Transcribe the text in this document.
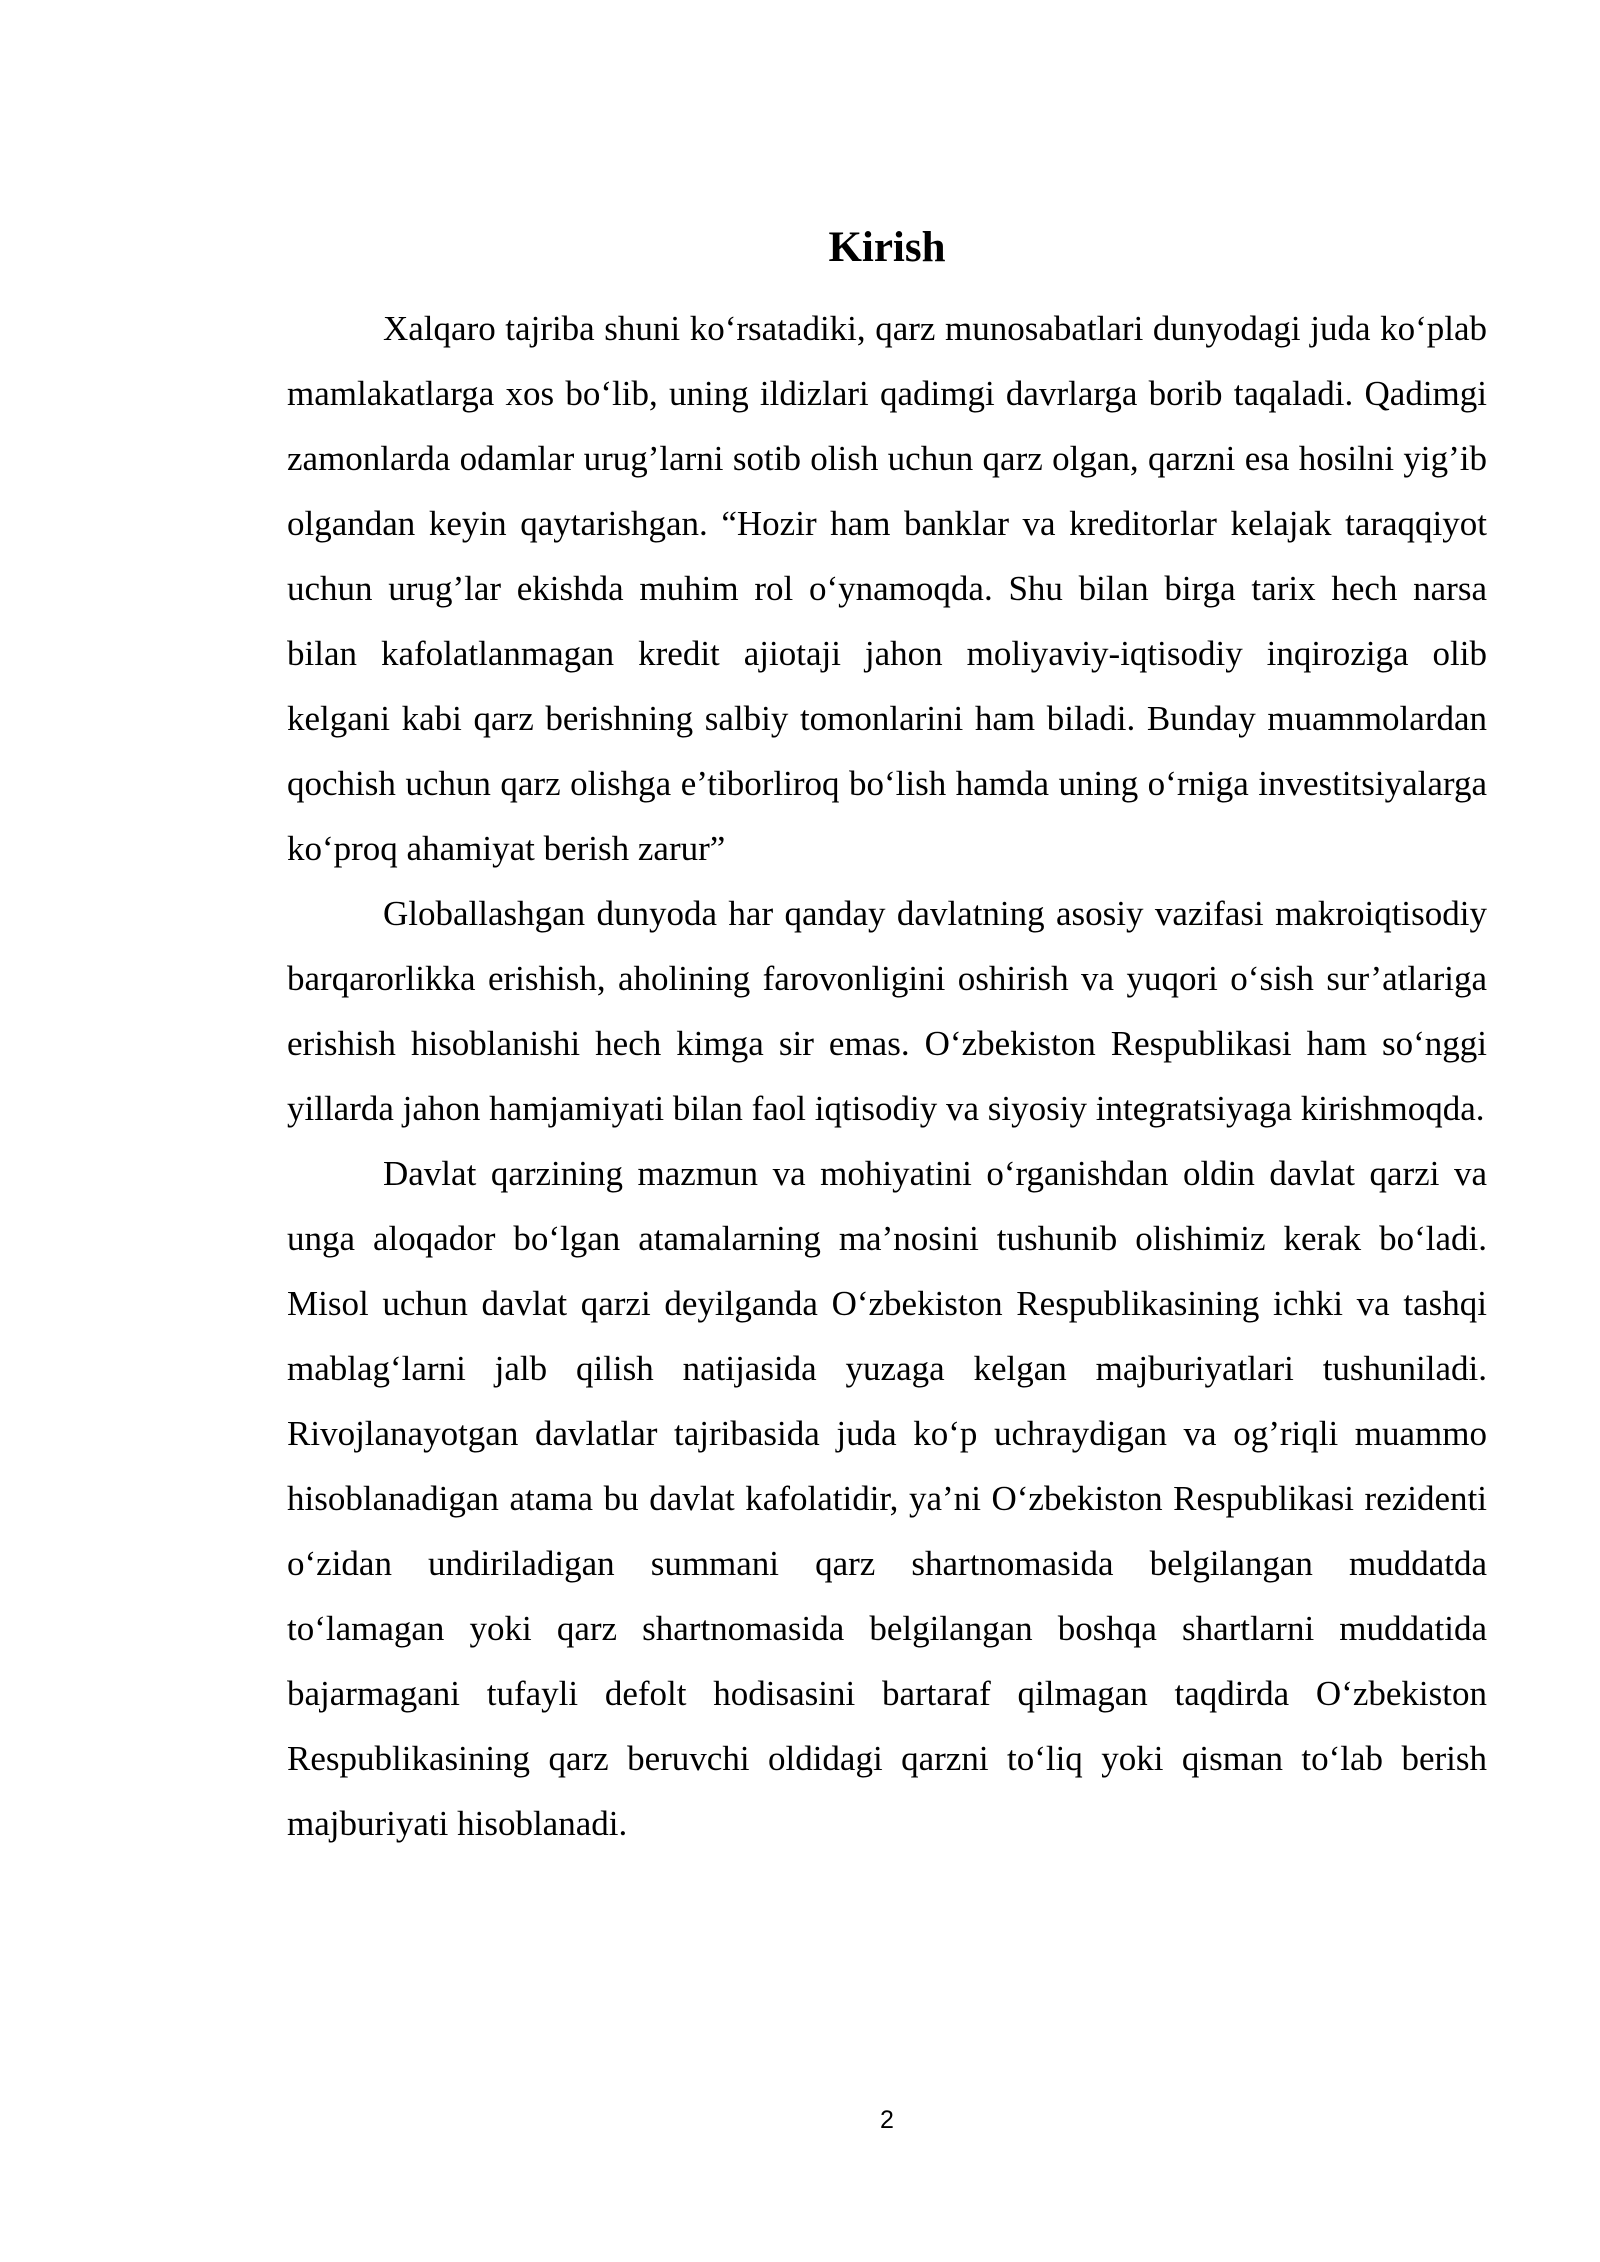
Kirish

Xalqaro tajriba shuni ko‘rsatadiki, qarz munosabatlari dunyodagi juda ko‘plab mamlakatlarga xos bo‘lib, uning ildizlari qadimgi davrlarga borib taqaladi. Qadimgi zamonlarda odamlar urug’larni sotib olish uchun qarz olgan, qarzni esa hosilni yig’ib olgandan keyin qaytarishgan. “Hozir ham banklar va kreditorlar kelajak taraqqiyot uchun urug’lar ekishda muhim rol o‘ynamoqda. Shu bilan birga tarix hech narsa bilan kafolatlanmagan kredit ajiotaji jahon moliyaviy-iqtisodiy inqiroziga olib kelgani kabi qarz berishning salbiy tomonlarini ham biladi. Bunday muammolardan qochish uchun qarz olishga e’tiborliroq bo‘lish hamda uning o‘rniga investitsiyalarga ko‘proq ahamiyat berish zarur”

Globallashgan dunyoda har qanday davlatning asosiy vazifasi makroiqtisodiy barqarorlikka erishish, aholining farovonligini oshirish va yuqori o‘sish sur’atlariga erishish hisoblanishi hech kimga sir emas. O‘zbekiston Respublikasi ham so‘nggi yillarda jahon hamjamiyati bilan faol iqtisodiy va siyosiy integratsiyaga kirishmoqda.

Davlat qarzining mazmun va mohiyatini o‘rganishdan oldin davlat qarzi va unga aloqador bo‘lgan atamalarning ma’nosini tushunib olishimiz kerak bo‘ladi. Misol uchun davlat qarzi deyilganda O‘zbekiston Respublikasining ichki va tashqi mablag‘larni jalb qilish natijasida yuzaga kelgan majburiyatlari tushuniladi. Rivojlanayotgan davlatlar tajribasida juda ko‘p uchraydigan va og’riqli muammo hisoblanadigan atama bu davlat kafolatidir, ya’ni O‘zbekiston Respublikasi rezidenti o‘zidan undiriladigan summani qarz shartnomasida belgilangan muddatda to‘lamagan yoki qarz shartnomasida belgilangan boshqa shartlarni muddatida bajarmagani tufayli defolt hodisasini bartaraf qilmagan taqdirda O‘zbekiston Respublikasining qarz beruvchi oldidagi qarzni to‘liq yoki qisman to‘lab berish majburiyati hisoblanadi.

2
